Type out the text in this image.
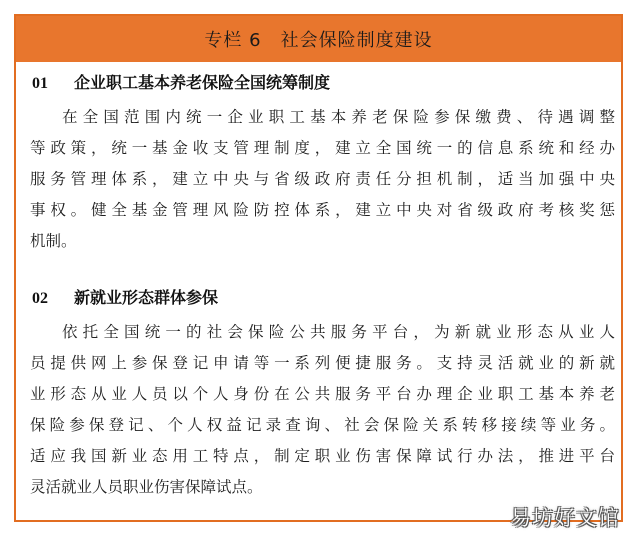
专栏 6　社会保险制度建设
01 企业职工基本养老保险全国统筹制度
在全国范围内统一企业职工基本养老保险参保缴费、待遇调整
等政策，统一基金收支管理制度，建立全国统一的信息系统和经办
服务管理体系，建立中央与省级政府责任分担机制，适当加强中央
事权。健全基金管理风险防控体系，建立中央对省级政府考核奖惩
机制。
02 新就业形态群体参保
依托全国统一的社会保险公共服务平台，为新就业形态从业人
员提供网上参保登记申请等一系列便捷服务。支持灵活就业的新就
业形态从业人员以个人身份在公共服务平台办理企业职工基本养老
保险参保登记、个人权益记录查询、社会保险关系转移接续等业务。
适应我国新业态用工特点，制定职业伤害保障试行办法，推进平台
灵活就业人员职业伤害保障试点。
易坊好文馆
